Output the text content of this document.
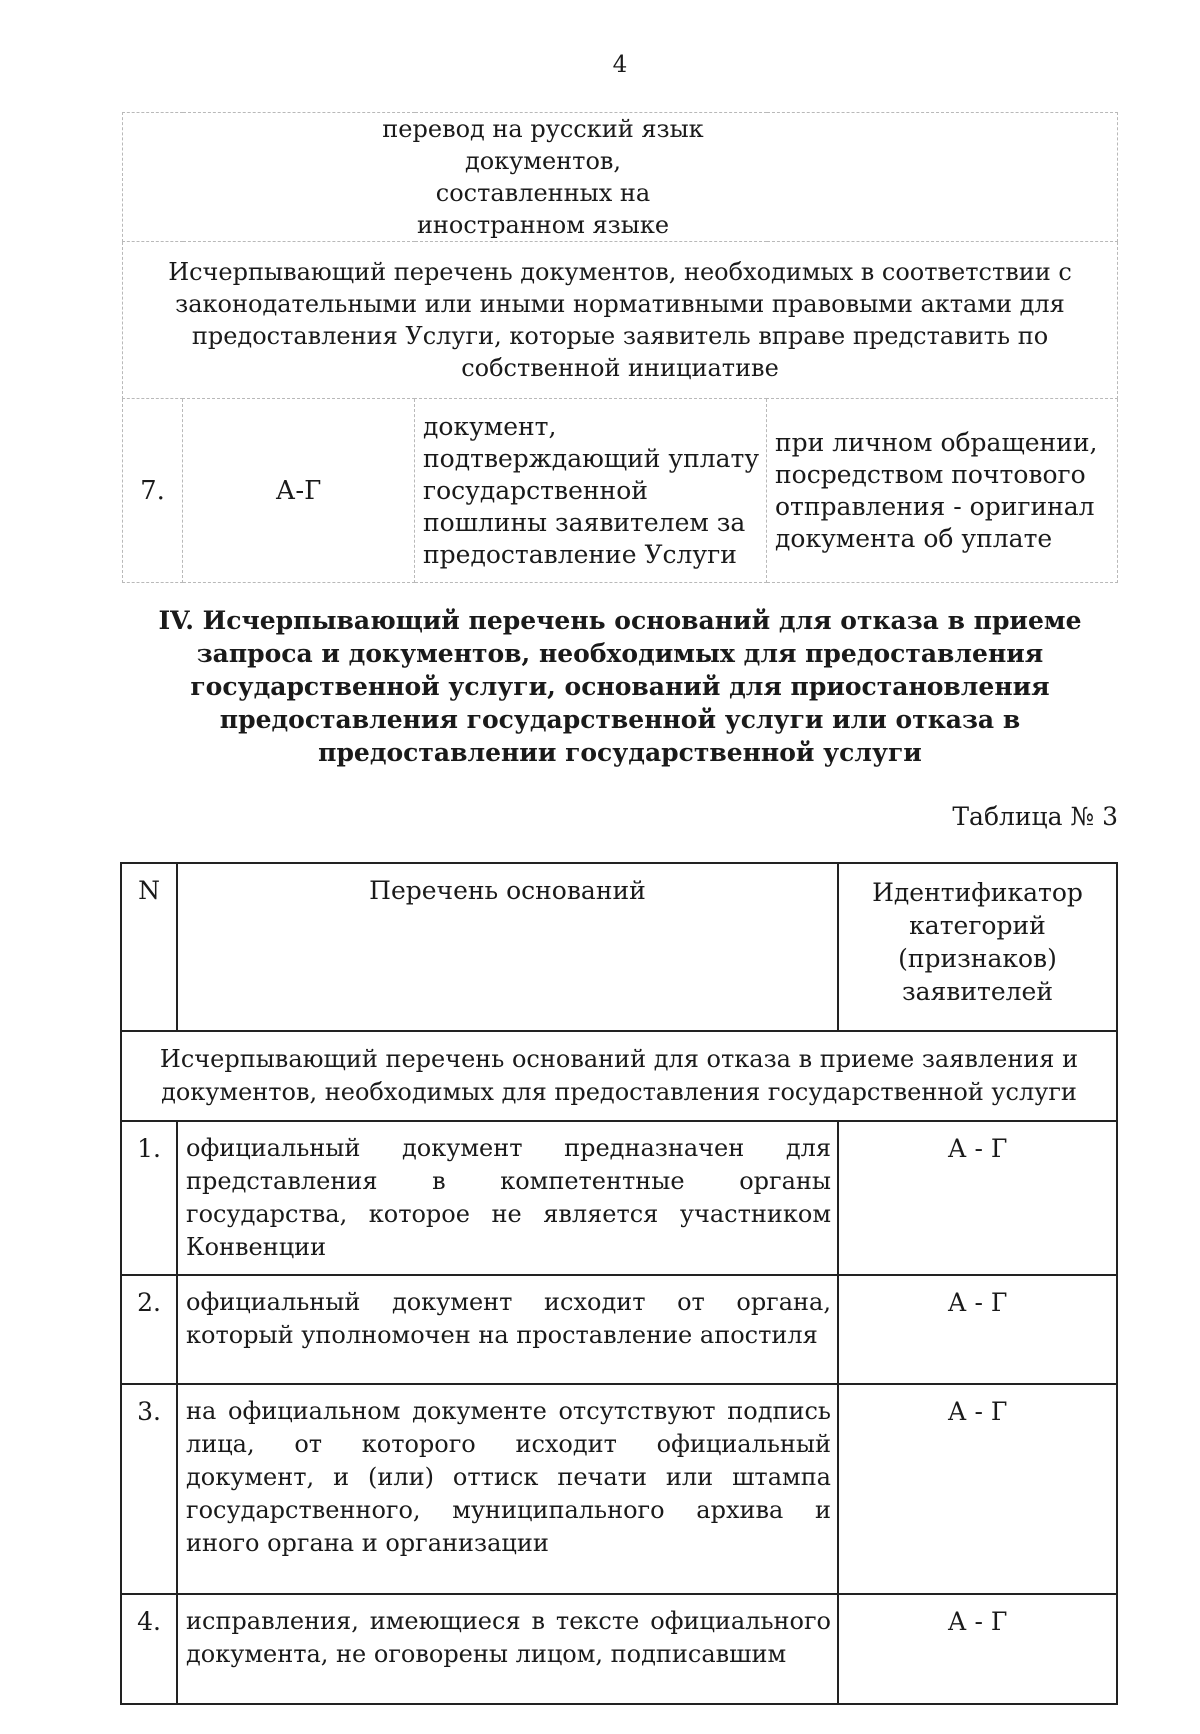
4
перевод на русский язык документов, составленных на иностранном языке

Исчерпывающий перечень документов, необходимых в соответствии с законодательными или иными нормативными правовыми актами для предоставления Услуги, которые заявитель вправе представить по собственной инициативе

7.	А-Г	документ, подтверждающий уплату государственной пошлины заявителем за предоставление Услуги	при личном обращении, посредством почтового отправления - оригинал документа об уплате
IV. Исчерпывающий перечень оснований для отказа в приеме запроса и документов, необходимых для предоставления государственной услуги, оснований для приостановления предоставления государственной услуги или отказа в предоставлении государственной услуги
Таблица № 3
N	Перечень оснований	Идентификатор категорий (признаков) заявителей

Исчерпывающий перечень оснований для отказа в приеме заявления и документов, необходимых для предоставления государственной услуги		
1.	официальный документ предназначен для представления в компетентные органы государства, которое не является участником Конвенции	А - Г
2.	официальный документ исходит от органа, который уполномочен на проставление апостиля	А - Г
3.	на официальном документе отсутствуют подпись лица, от которого исходит официальный документ, и (или) оттиск печати или штампа государственного, муниципального архива и иного органа и организации	А - Г
4.	исправления, имеющиеся в тексте официального документа, не оговорены лицом, подписавшим	А - Г
